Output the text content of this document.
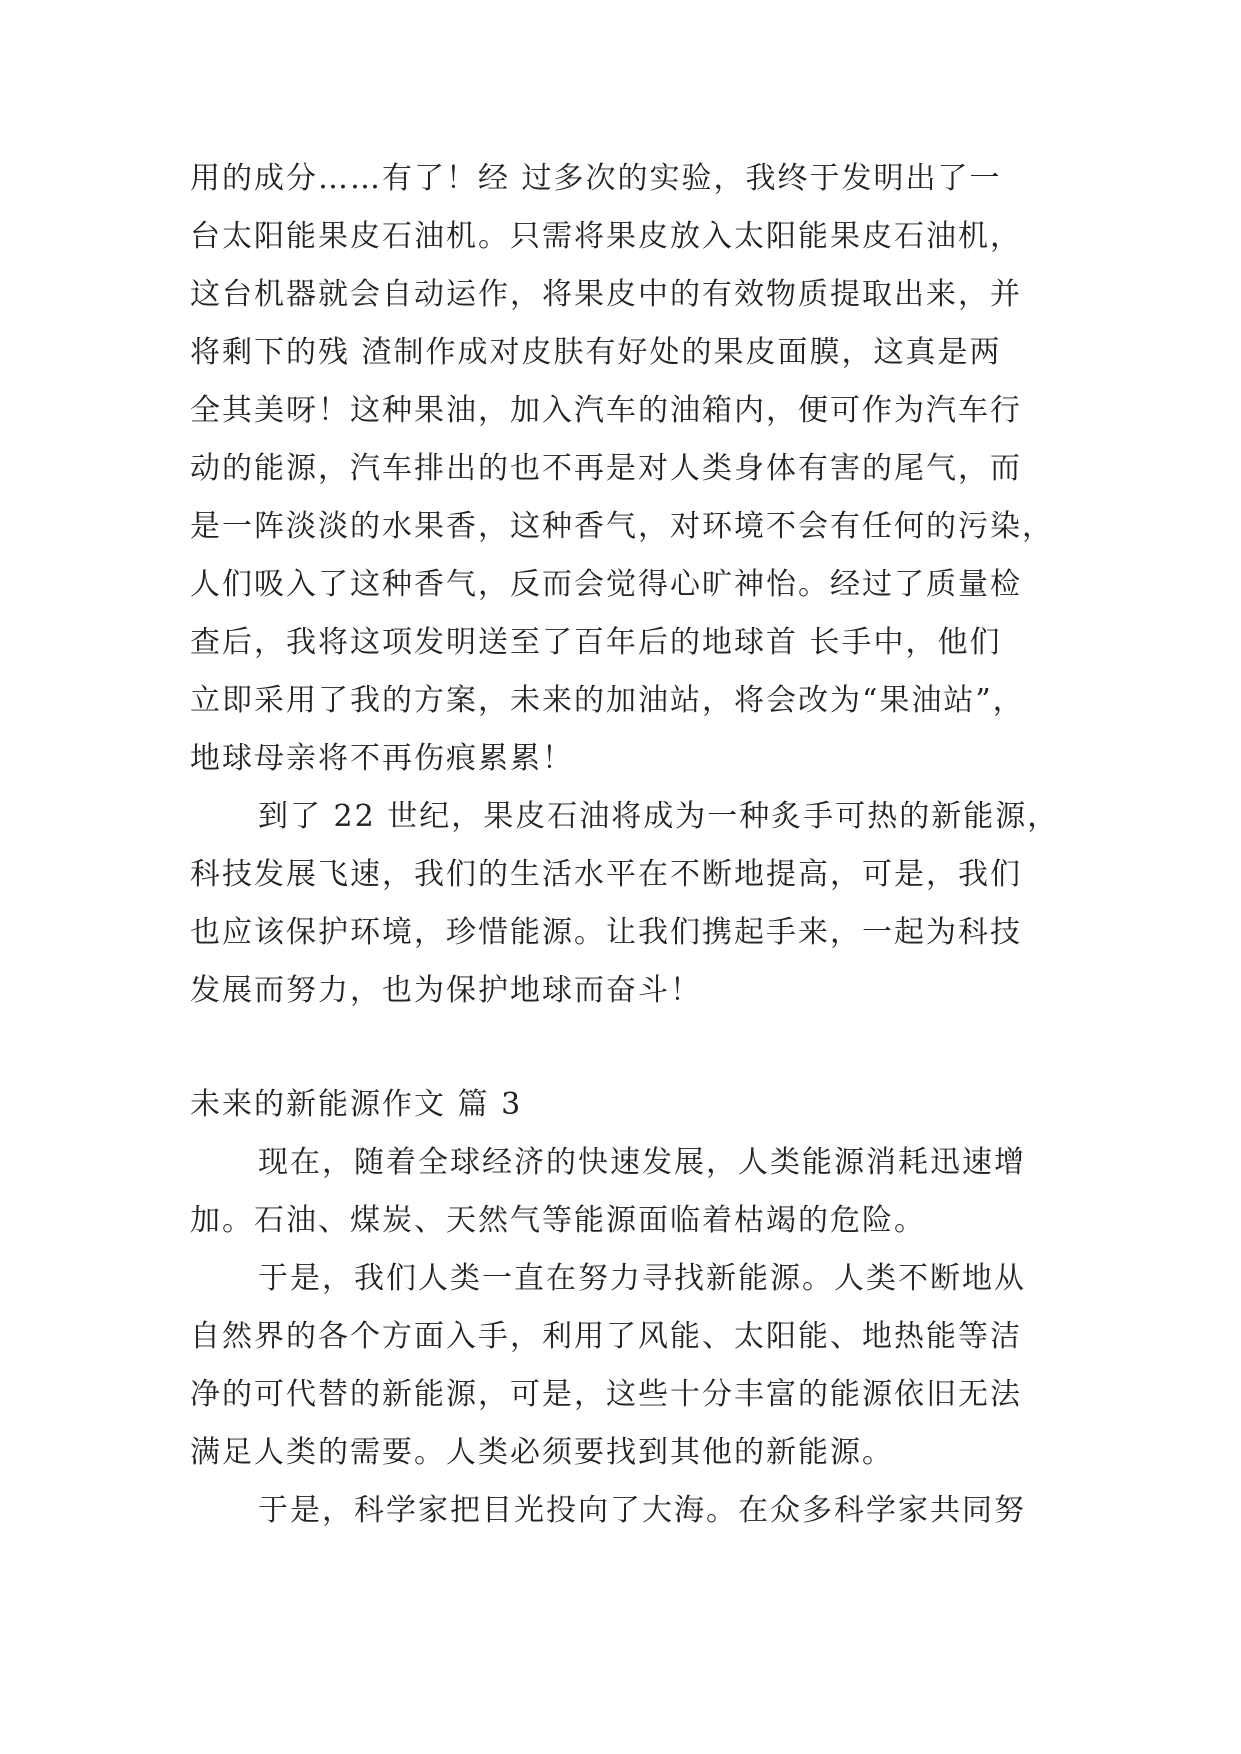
用的成分……有了！经 过多次的实验，我终于发明出了一
台太阳能果皮石油机。只需将果皮放入太阳能果皮石油机，
这台机器就会自动运作，将果皮中的有效物质提取出来，并
将剩下的残 渣制作成对皮肤有好处的果皮面膜，这真是两
全其美呀！这种果油，加入汽车的油箱内，便可作为汽车行
动的能源，汽车排出的也不再是对人类身体有害的尾气，而
是一阵淡淡的水果香，这种香气，对环境不会有任何的污染，
人们吸入了这种香气，反而会觉得心旷神怡。经过了质量检
查后，我将这项发明送至了百年后的地球首 长手中，他们
立即采用了我的方案，未来的加油站，将会改为“果油站”，
地球母亲将不再伤痕累累！
到了 22 世纪，果皮石油将成为一种炙手可热的新能源，
科技发展飞速，我们的生活水平在不断地提高，可是，我们
也应该保护环境，珍惜能源。让我们携起手来，一起为科技
发展而努力，也为保护地球而奋斗！
未来的新能源作文 篇 3
现在，随着全球经济的快速发展，人类能源消耗迅速增
加。石油、煤炭、天然气等能源面临着枯竭的危险。
于是，我们人类一直在努力寻找新能源。人类不断地从
自然界的各个方面入手，利用了风能、太阳能、地热能等洁
净的可代替的新能源，可是，这些十分丰富的能源依旧无法
满足人类的需要。人类必须要找到其他的新能源。
于是，科学家把目光投向了大海。在众多科学家共同努
